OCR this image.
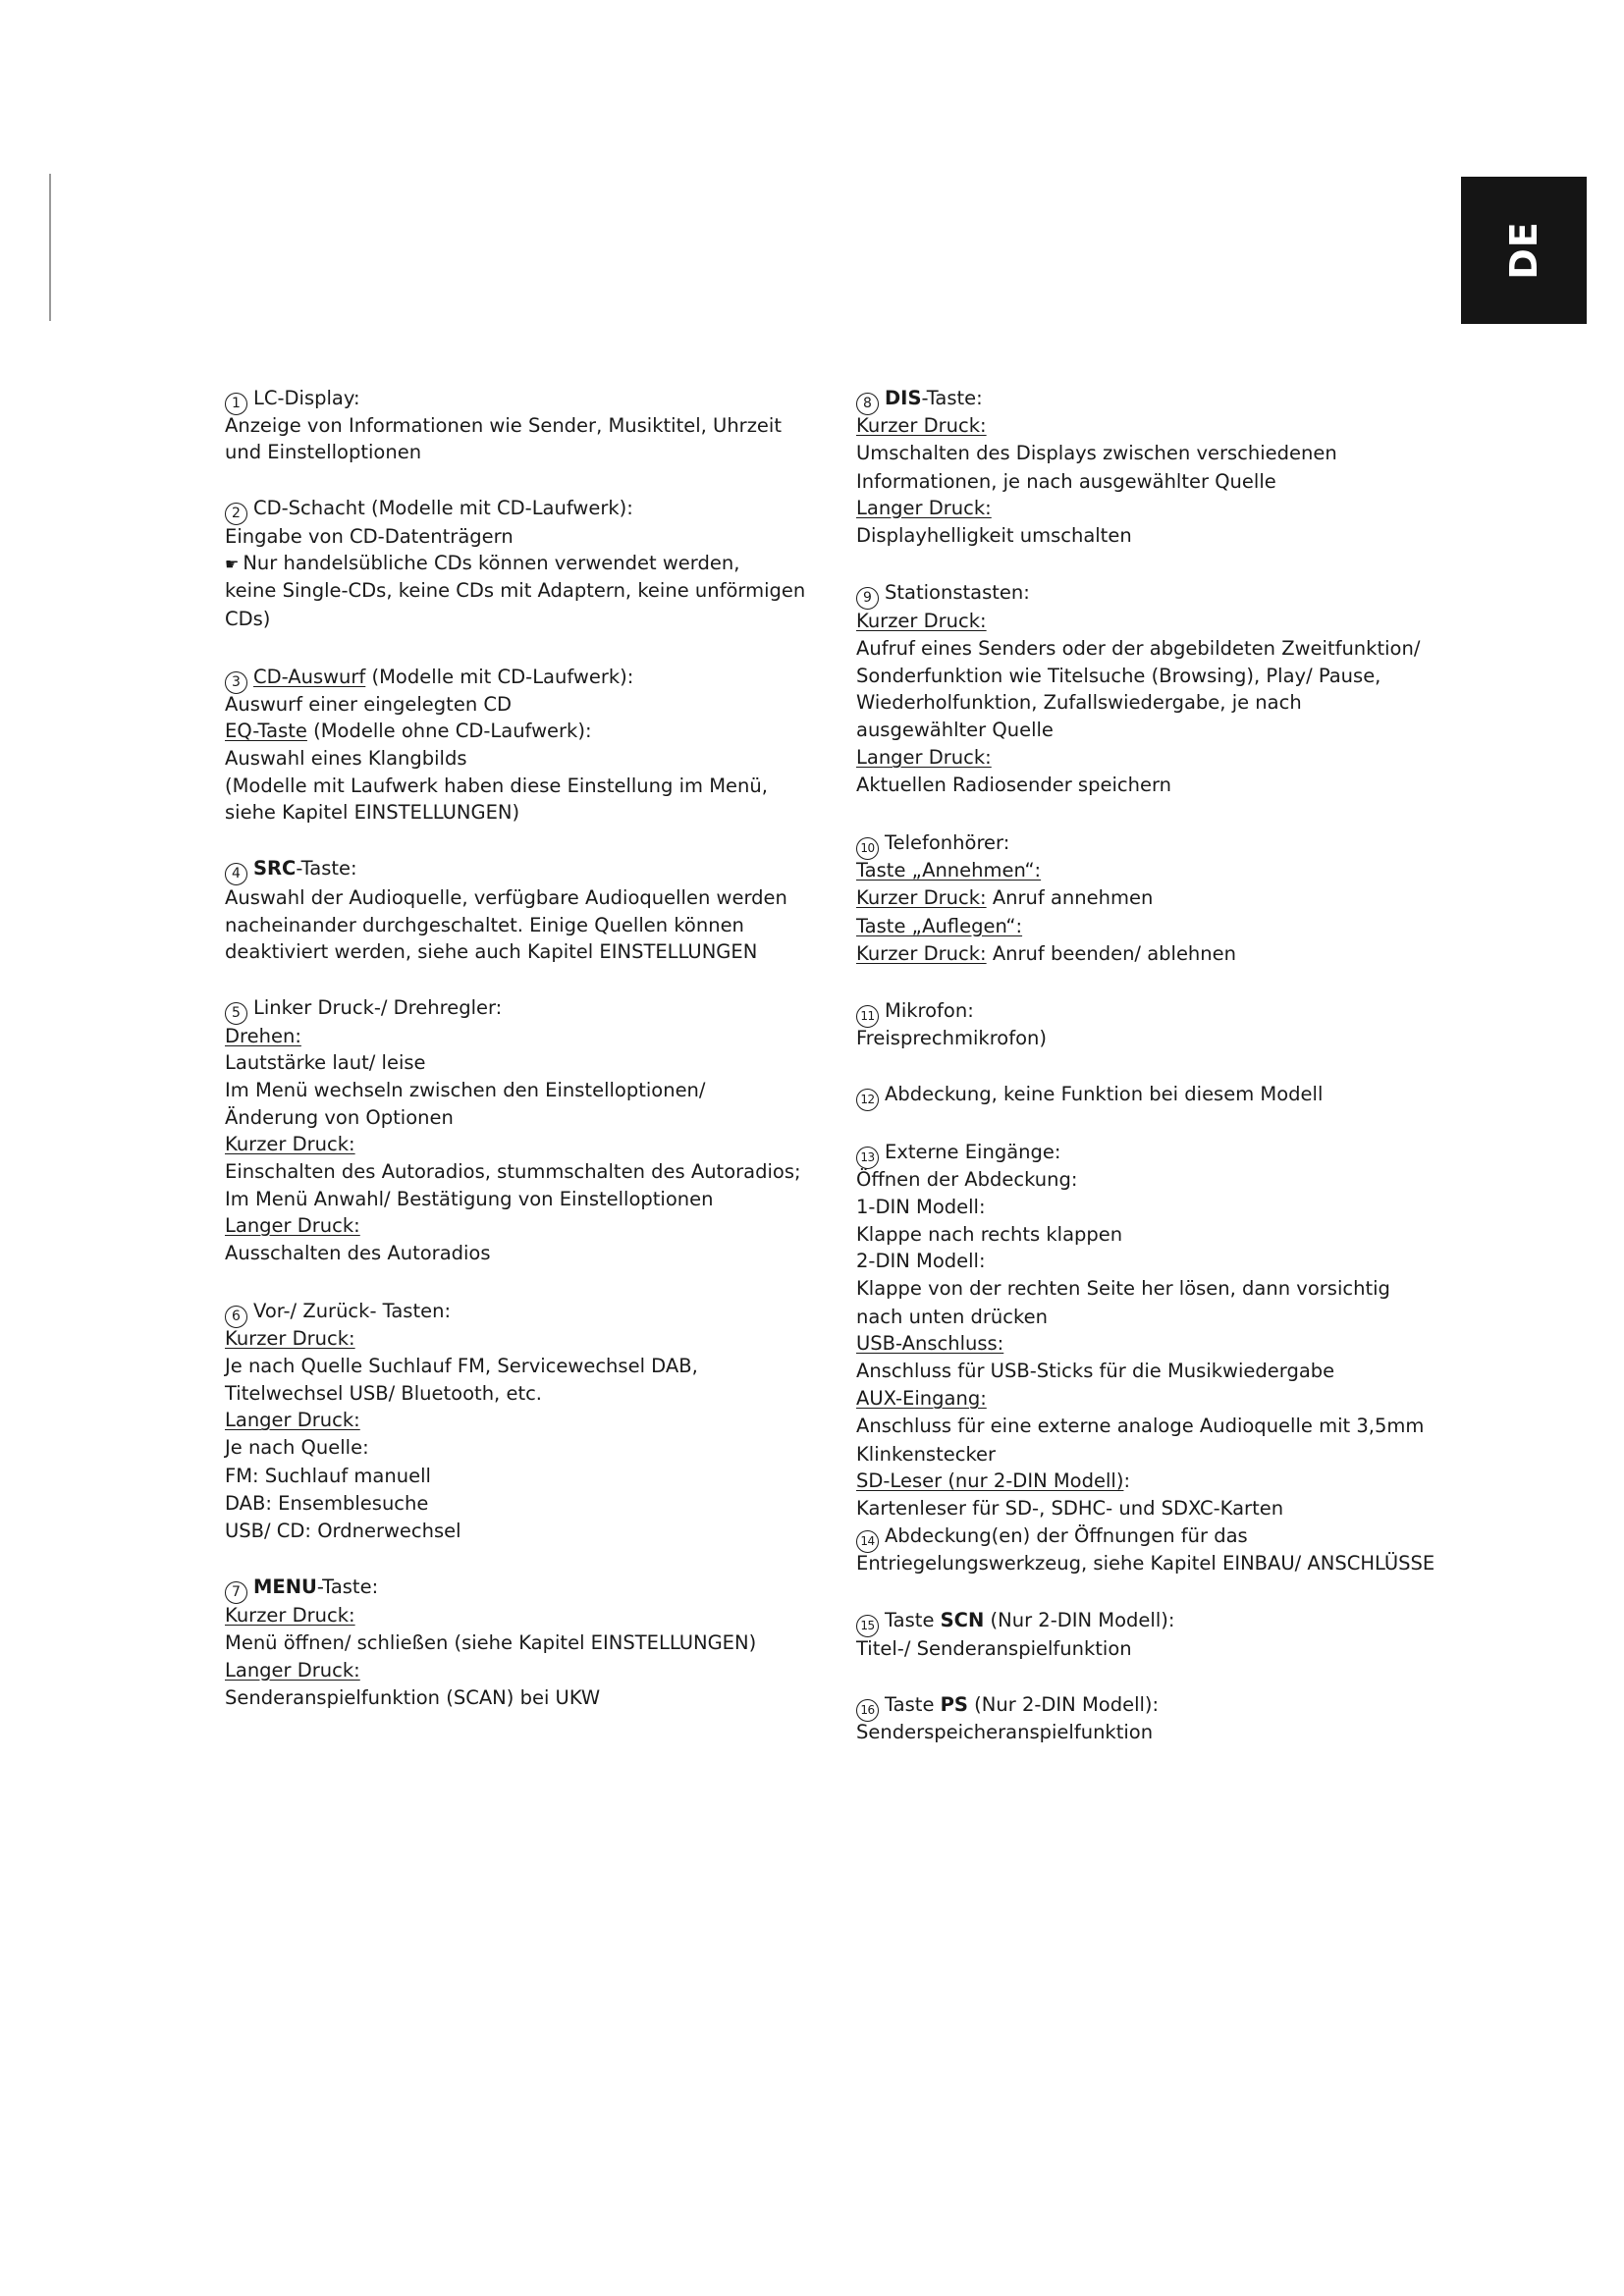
DE
1 LC-Display:
Anzeige von Informationen wie Sender, Musiktitel, Uhrzeit
und Einstelloptionen
2 CD-Schacht (Modelle mit CD-Laufwerk):
Eingabe von CD-Datenträgern
☛ Nur handelsübliche CDs können verwendet werden,
keine Single-CDs, keine CDs mit Adaptern, keine unförmigen
CDs)
3 CD-Auswurf (Modelle mit CD-Laufwerk):
Auswurf einer eingelegten CD
EQ-Taste (Modelle ohne CD-Laufwerk):
Auswahl eines Klangbilds
(Modelle mit Laufwerk haben diese Einstellung im Menü,
siehe Kapitel EINSTELLUNGEN)
4 SRC-Taste:
Auswahl der Audioquelle, verfügbare Audioquellen werden
nacheinander durchgeschaltet. Einige Quellen können
deaktiviert werden, siehe auch Kapitel EINSTELLUNGEN
5 Linker Druck-/ Drehregler:
Drehen:
Lautstärke laut/ leise
Im Menü wechseln zwischen den Einstelloptionen/
Änderung von Optionen
Kurzer Druck:
Einschalten des Autoradios, stummschalten des Autoradios;
Im Menü Anwahl/ Bestätigung von Einstelloptionen
Langer Druck:
Ausschalten des Autoradios
6 Vor-/ Zurück- Tasten:
Kurzer Druck:
Je nach Quelle Suchlauf FM, Servicewechsel DAB,
Titelwechsel USB/ Bluetooth, etc.
Langer Druck:
Je nach Quelle:
FM: Suchlauf manuell
DAB: Ensemblesuche
USB/ CD: Ordnerwechsel
7 MENU-Taste:
Kurzer Druck:
Menü öffnen/ schließen (siehe Kapitel EINSTELLUNGEN)
Langer Druck:
Senderanspielfunktion (SCAN) bei UKW
8 DIS-Taste:
Kurzer Druck:
Umschalten des Displays zwischen verschiedenen
Informationen, je nach ausgewählter Quelle
Langer Druck:
Displayhelligkeit umschalten
9 Stationstasten:
Kurzer Druck:
Aufruf eines Senders oder der abgebildeten Zweitfunktion/
Sonderfunktion wie Titelsuche (Browsing), Play/ Pause,
Wiederholfunktion, Zufallswiedergabe, je nach
ausgewählter Quelle
Langer Druck:
Aktuellen Radiosender speichern
10 Telefonhörer:
Taste „Annehmen“:
Kurzer Druck: Anruf annehmen
Taste „Auflegen“:
Kurzer Druck: Anruf beenden/ ablehnen
11 Mikrofon:
Freisprechmikrofon)
12 Abdeckung, keine Funktion bei diesem Modell
13 Externe Eingänge:
Öffnen der Abdeckung:
1-DIN Modell:
Klappe nach rechts klappen
2-DIN Modell:
Klappe von der rechten Seite her lösen, dann vorsichtig
nach unten drücken
USB-Anschluss:
Anschluss für USB-Sticks für die Musikwiedergabe
AUX-Eingang:
Anschluss für eine externe analoge Audioquelle mit 3,5mm
Klinkenstecker
SD-Leser (nur 2-DIN Modell):
Kartenleser für SD-, SDHC- und SDXC-Karten
14 Abdeckung(en) der Öffnungen für das
Entriegelungswerkzeug, siehe Kapitel EINBAU/ ANSCHLÜSSE
15 Taste SCN (Nur 2-DIN Modell):
Titel-/ Senderanspielfunktion
16 Taste PS (Nur 2-DIN Modell):
Senderspeicheranspielfunktion
